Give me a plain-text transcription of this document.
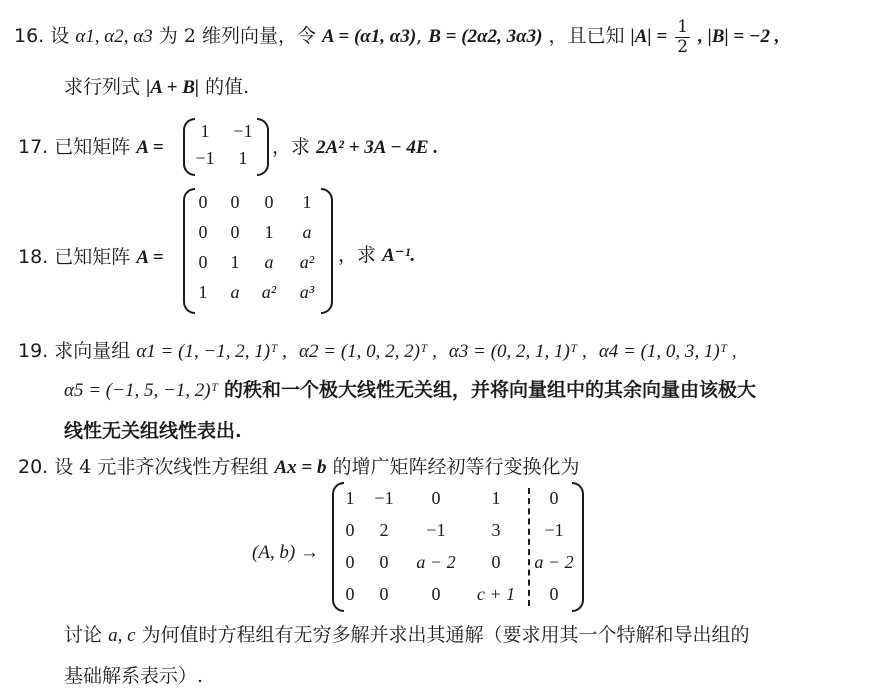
16. 设 α1, α2, α3 为 2 维列向量，令 A = (α1, α3), B = (2α2, 3α3) ，且已知 $|A| = \frac{1}{2}$ , |B| = −2 ,
求行列式 |A + B| 的值.
17. 已知矩阵 A =
1 −1
−1 1 ，求 2A² + 3A − 4E .
18. 已知矩阵 A =
0 0 0 1
0 0 1 a
0 1 a a²
1 a a² a³
，求 A⁻¹.
19. 求向量组 α1 = (1, −1, 2, 1)ᵀ , α2 = (1, 0, 2, 2)ᵀ , α3 = (0, 2, 1, 1)ᵀ , α4 = (1, 0, 3, 1)ᵀ ,
α5 = (−1, 5, −1, 2)ᵀ 的秩和一个极大线性无关组，并将向量组中的其余向量由该极大
线性无关组线性表出.
20. 设 4 元非齐次线性方程组 Ax = b 的增广矩阵经初等行变换化为
(A, b) →
1 −1 0	1	0
0 2 −1	3 −1
0 0 a − 2 0 a − 2
0 0 0 c + 1 0
讨论 a, c 为何值时方程组有无穷多解并求出其通解（要求用其一个特解和导出组的
基础解系表示）.
